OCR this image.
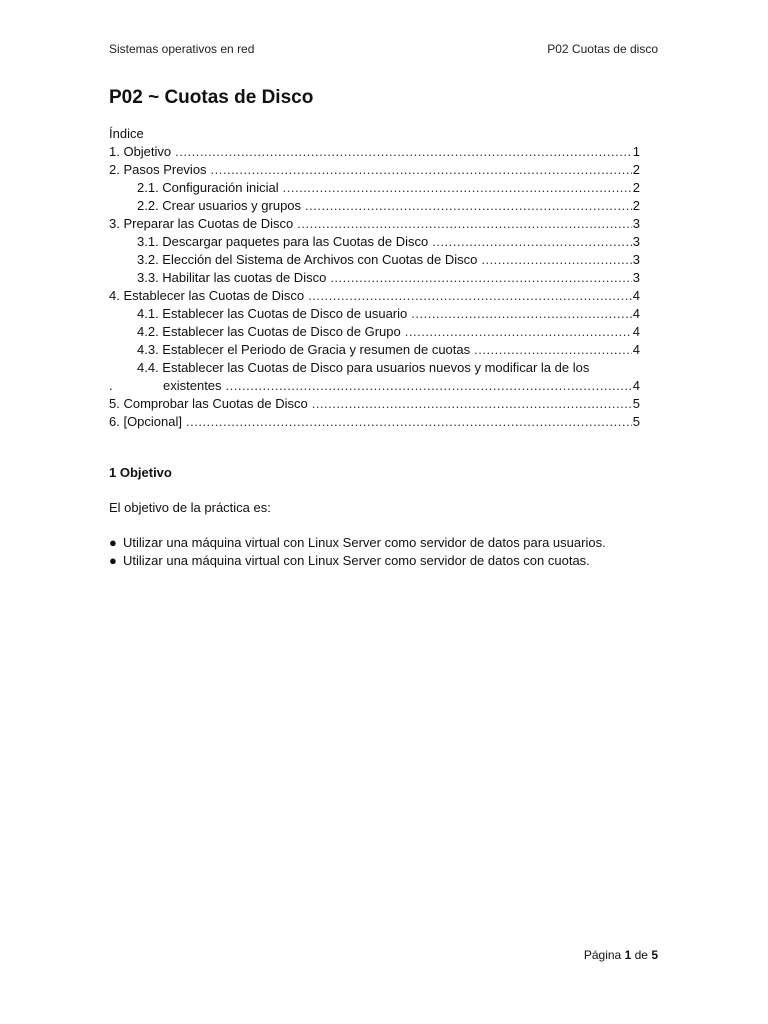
Sistemas operativos en red	P02 Cuotas de disco
P02 ~ Cuotas de Disco
Índice
1. Objetivo .....	1
2. Pasos Previos .....	2
2.1. Configuración inicial .....	2
2.2. Crear usuarios y grupos .....	2
3. Preparar las Cuotas de Disco .....	3
3.1. Descargar paquetes para las Cuotas de Disco .....	3
3.2. Elección del Sistema de Archivos con Cuotas de Disco .....	3
3.3. Habilitar las cuotas de Disco .....	3
4. Establecer las Cuotas de Disco .....	4
4.1. Establecer las Cuotas de Disco de usuario .....	4
4.2. Establecer las Cuotas de Disco de Grupo .....	4
4.3. Establecer el Periodo de Gracia y resumen de cuotas .....	4
4.4. Establecer las Cuotas de Disco para usuarios nuevos y modificar la de los
.	existentes .....	4
5. Comprobar las Cuotas de Disco .....	5
6. [Opcional] .....	5
1 Objetivo

El objetivo de la práctica es:

● Utilizar una máquina virtual con Linux Server como servidor de datos para usuarios.
● Utilizar una máquina virtual con Linux Server como servidor de datos con cuotas.
Página 1 de 5
